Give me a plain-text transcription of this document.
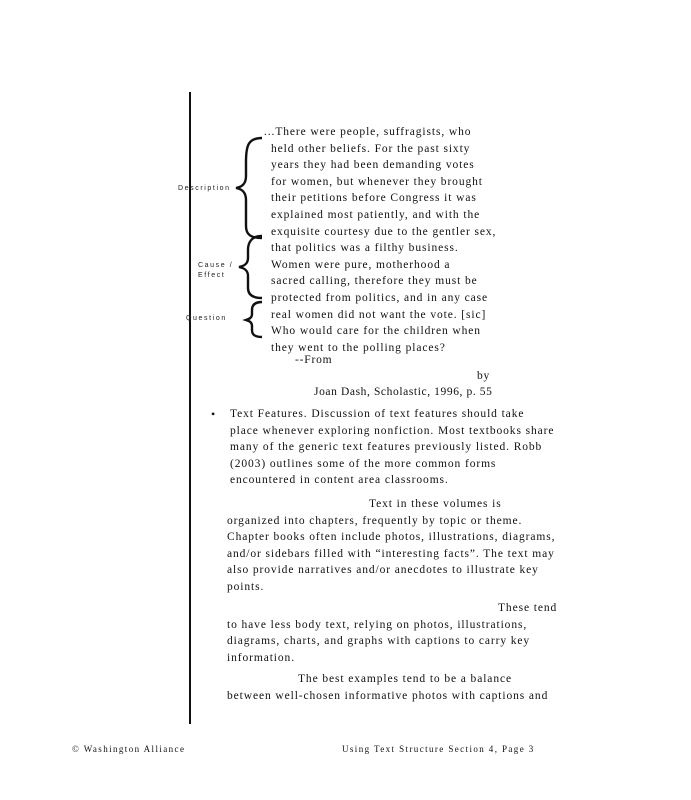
Description
Cause /
Effect
Question
...There were people, suffragists, who
held other beliefs. For the past sixty
years they had been demanding votes
for women, but whenever they brought
their petitions before Congress it was
explained most patiently, and with the
exquisite courtesy due to the gentler sex,
that politics was a filthy business.
Women were pure, motherhood a
sacred calling, therefore they must be
protected from politics, and in any case
real women did not want the vote. [sic]
Who would care for the children when
they went to the polling places?
--From
by
Joan Dash, Scholastic, 1996, p. 55
• Text Features. Discussion of text features should take
place whenever exploring nonfiction. Most textbooks share
many of the generic text features previously listed. Robb
(2003) outlines some of the more common forms
encountered in content area classrooms.
Text in these volumes is
organized into chapters, frequently by topic or theme.
Chapter books often include photos, illustrations, diagrams,
and/or sidebars filled with “interesting facts”. The text may
also provide narratives and/or anecdotes to illustrate key
points.
These tend
to have less body text, relying on photos, illustrations,
diagrams, charts, and graphs with captions to carry key
information.
The best examples tend to be a balance
between well-chosen informative photos with captions and
© Washington Alliance	Using Text Structure Section 4, Page 3
